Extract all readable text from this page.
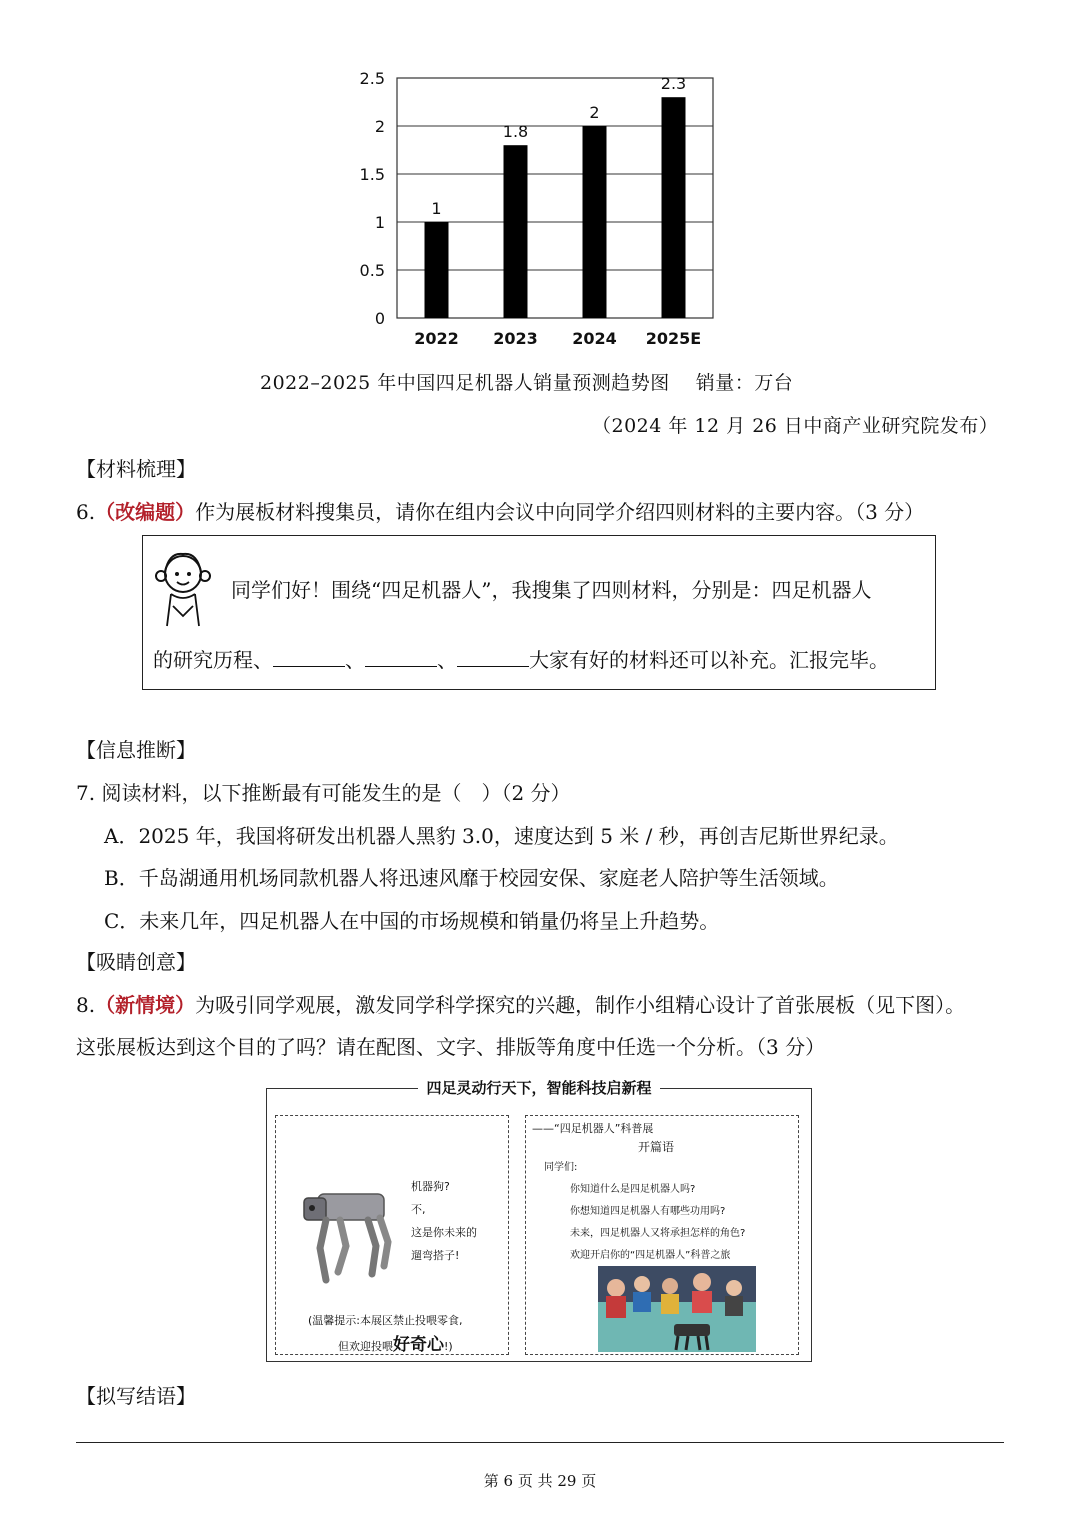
0
0.5
1
1.5
2
2.5
1
2022
1.8
2023
2
2024
2.3
2025E
2022–2025 年中国四足机器人销量预测趋势图　 销量：万台
（2024 年 12 月 26 日中商产业研究院发布）
【材料梳理】
6.（改编题）作为展板材料搜集员，请你在组内会议中向同学介绍四则材料的主要内容。（3 分）
同学们好！围绕“四足机器人”，我搜集了四则材料，分别是：四足机器人
的研究历程、	、	、	大家有好的材料还可以补充。汇报完毕。
【信息推断】
7. 阅读材料，以下推断最有可能发生的是（　）（2 分）
A．2025 年，我国将研发出机器人黑豹 3.0，速度达到 5 米 / 秒，再创吉尼斯世界纪录。
B．千岛湖通用机场同款机器人将迅速风靡于校园安保、家庭老人陪护等生活领域。
C．未来几年，四足机器人在中国的市场规模和销量仍将呈上升趋势。
【吸睛创意】
8.（新情境）为吸引同学观展，激发同学科学探究的兴趣，制作小组精心设计了首张展板（见下图）。
这张展板达到这个目的了吗？请在配图、文字、排版等角度中任选一个分析。（3 分）
四足灵动行天下，智能科技启新程
机器狗?
不,
这是你未来的
遛弯搭子!
(温馨提示:本展区禁止投喂零食,
但欢迎投喂好奇心!)
——“四足机器人”科普展
开篇语
同学们:
你知道什么是四足机器人吗?
你想知道四足机器人有哪些功用吗?
未来，四足机器人又将承担怎样的角色?
欢迎开启你的“四足机器人”科普之旅
【拟写结语】
第 6 页 共 29 页
